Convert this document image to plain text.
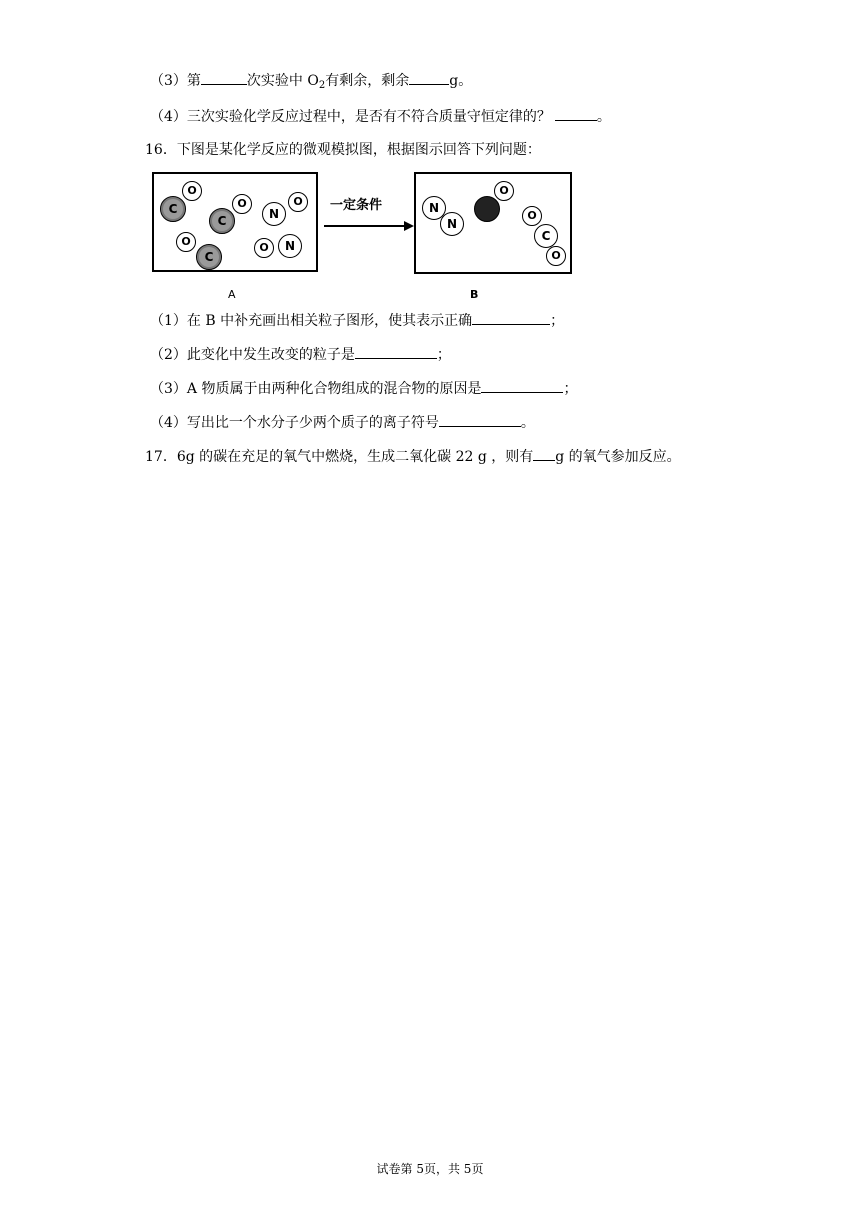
（3）第	次实验中 $O_2$有剩余，剩余	g。
（4）三次实验化学反应过程中，是否有不符合质量守恒定律的？	。
16．下图是某化学反应的微观模拟图，根据图示回答下列问题：
O
C	O
C	N
O
O
C
O	N
一定条件	N
N
O
O
C
O
A	B
（1）在 B 中补充画出相关粒子图形，使其表示正确	；
（2）此变化中发生改变的粒子是	；
（3）A 物质属于由两种化合物组成的混合物的原因是	；
（4）写出比一个水分子少两个质子的离子符号	。
17．6g 的碳在充足的氧气中燃烧，生成二氧化碳 22 g ，则有 g 的氧气参加反应。
试卷第 5页，共 5页
